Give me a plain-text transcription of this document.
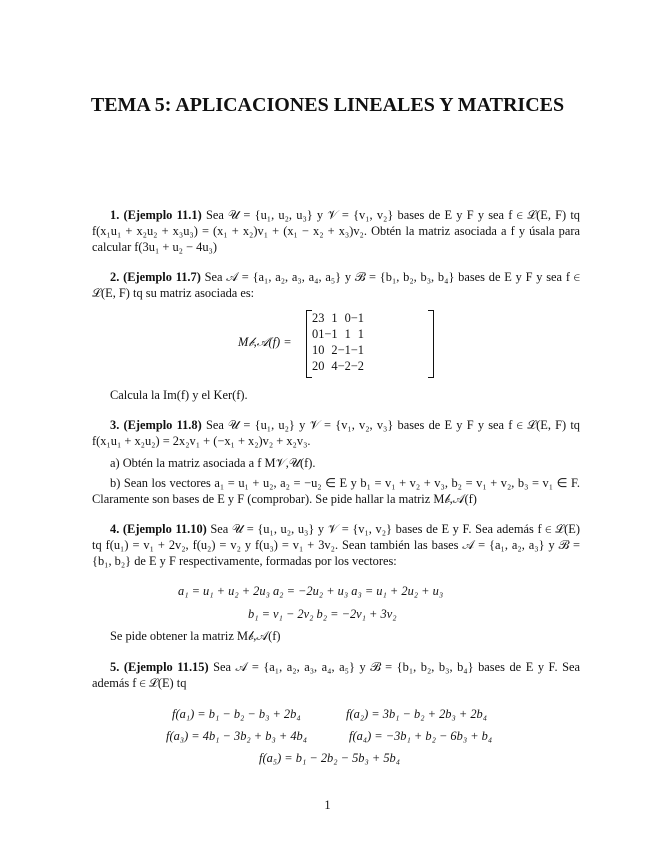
TEMA 5: APLICACIONES LINEALES Y MATRICES

1. (Ejemplo 11.1) Sea 𝒰 = {u₁, u₂, u₃} y 𝒱 = {v₁, v₂} bases de E y F y sea f ∈ ℒ(E, F) tq f(x₁u₁ + x₂u₂ + x₃u₃) = (x₁ + x₂)v₁ + (x₁ − x₂ + x₃)v₂. Obtén la matriz asociada a f y úsala para calcular f(3u₁ + u₂ − 4u₃)

2. (Ejemplo 11.7) Sea 𝒜 = {a₁, a₂, a₃, a₄, a₅} y ℬ = {b₁, b₂, b₃, b₄} bases de E y F y sea f ∈ ℒ(E, F) tq su matriz asociada es:

M𝒷,𝒜(f) =
2	3	1	0	−1
0	1	−1	1	1
1	0	2	−1	−1
2	0	4	−2	−2
Calcula la Im(f) y el Ker(f).

3. (Ejemplo 11.8) Sea 𝒰 = {u₁, u₂} y 𝒱 = {v₁, v₂, v₃} bases de E y F y sea f ∈ ℒ(E, F) tq f(x₁u₁ + x₂u₂) = 2x₂v₁ + (−x₁ + x₂)v₂ + x₂v₃.

a) Obtén la matriz asociada a f M𝒱,𝒰(f).

b) Sean los vectores a₁ = u₁ + u₂, a₂ = −u₂ ∈ E y b₁ = v₁ + v₂ + v₃, b₂ = v₁ + v₂, b₃ = v₁ ∈ F. Claramente son bases de E y F (comprobar). Se pide hallar la matriz M𝒷,𝒜(f)

4. (Ejemplo 11.10) Sea 𝒰 = {u₁, u₂, u₃} y 𝒱 = {v₁, v₂} bases de E y F. Sea además f ∈ ℒ(E) tq f(u₁) = v₁ + 2v₂, f(u₂) = v₂ y f(u₃) = v₁ + 3v₂. Sean también las bases 𝒜 = {a₁, a₂, a₃} y ℬ = {b₁, b₂} de E y F respectivamente, formadas por los vectores:

a₁ = u₁ + u₂ + 2u₃ a₂ = −2u₂ + u₃ a₃ = u₁ + 2u₂ + u₃
b₁ = v₁ − 2v₂ b₂ = −2v₁ + 3v₂
Se pide obtener la matriz M𝒷,𝒜(f)

5. (Ejemplo 11.15) Sea 𝒜 = {a₁, a₂, a₃, a₄, a₅} y ℬ = {b₁, b₂, b₃, b₄} bases de E y F. Sea además f ∈ ℒ(E) tq

f(a₁) = b₁ − b₂ − b₃ + 2b₄	f(a₂) = 3b₁ − b₂ + 2b₃ + 2b₄
f(a₃) = 4b₁ − 3b₂ + b₃ + 4b₄	f(a₄) = −3b₁ + b₂ − 6b₃ + b₄
f(a₅) = b₁ − 2b₂ − 5b₃ + 5b₄
1
